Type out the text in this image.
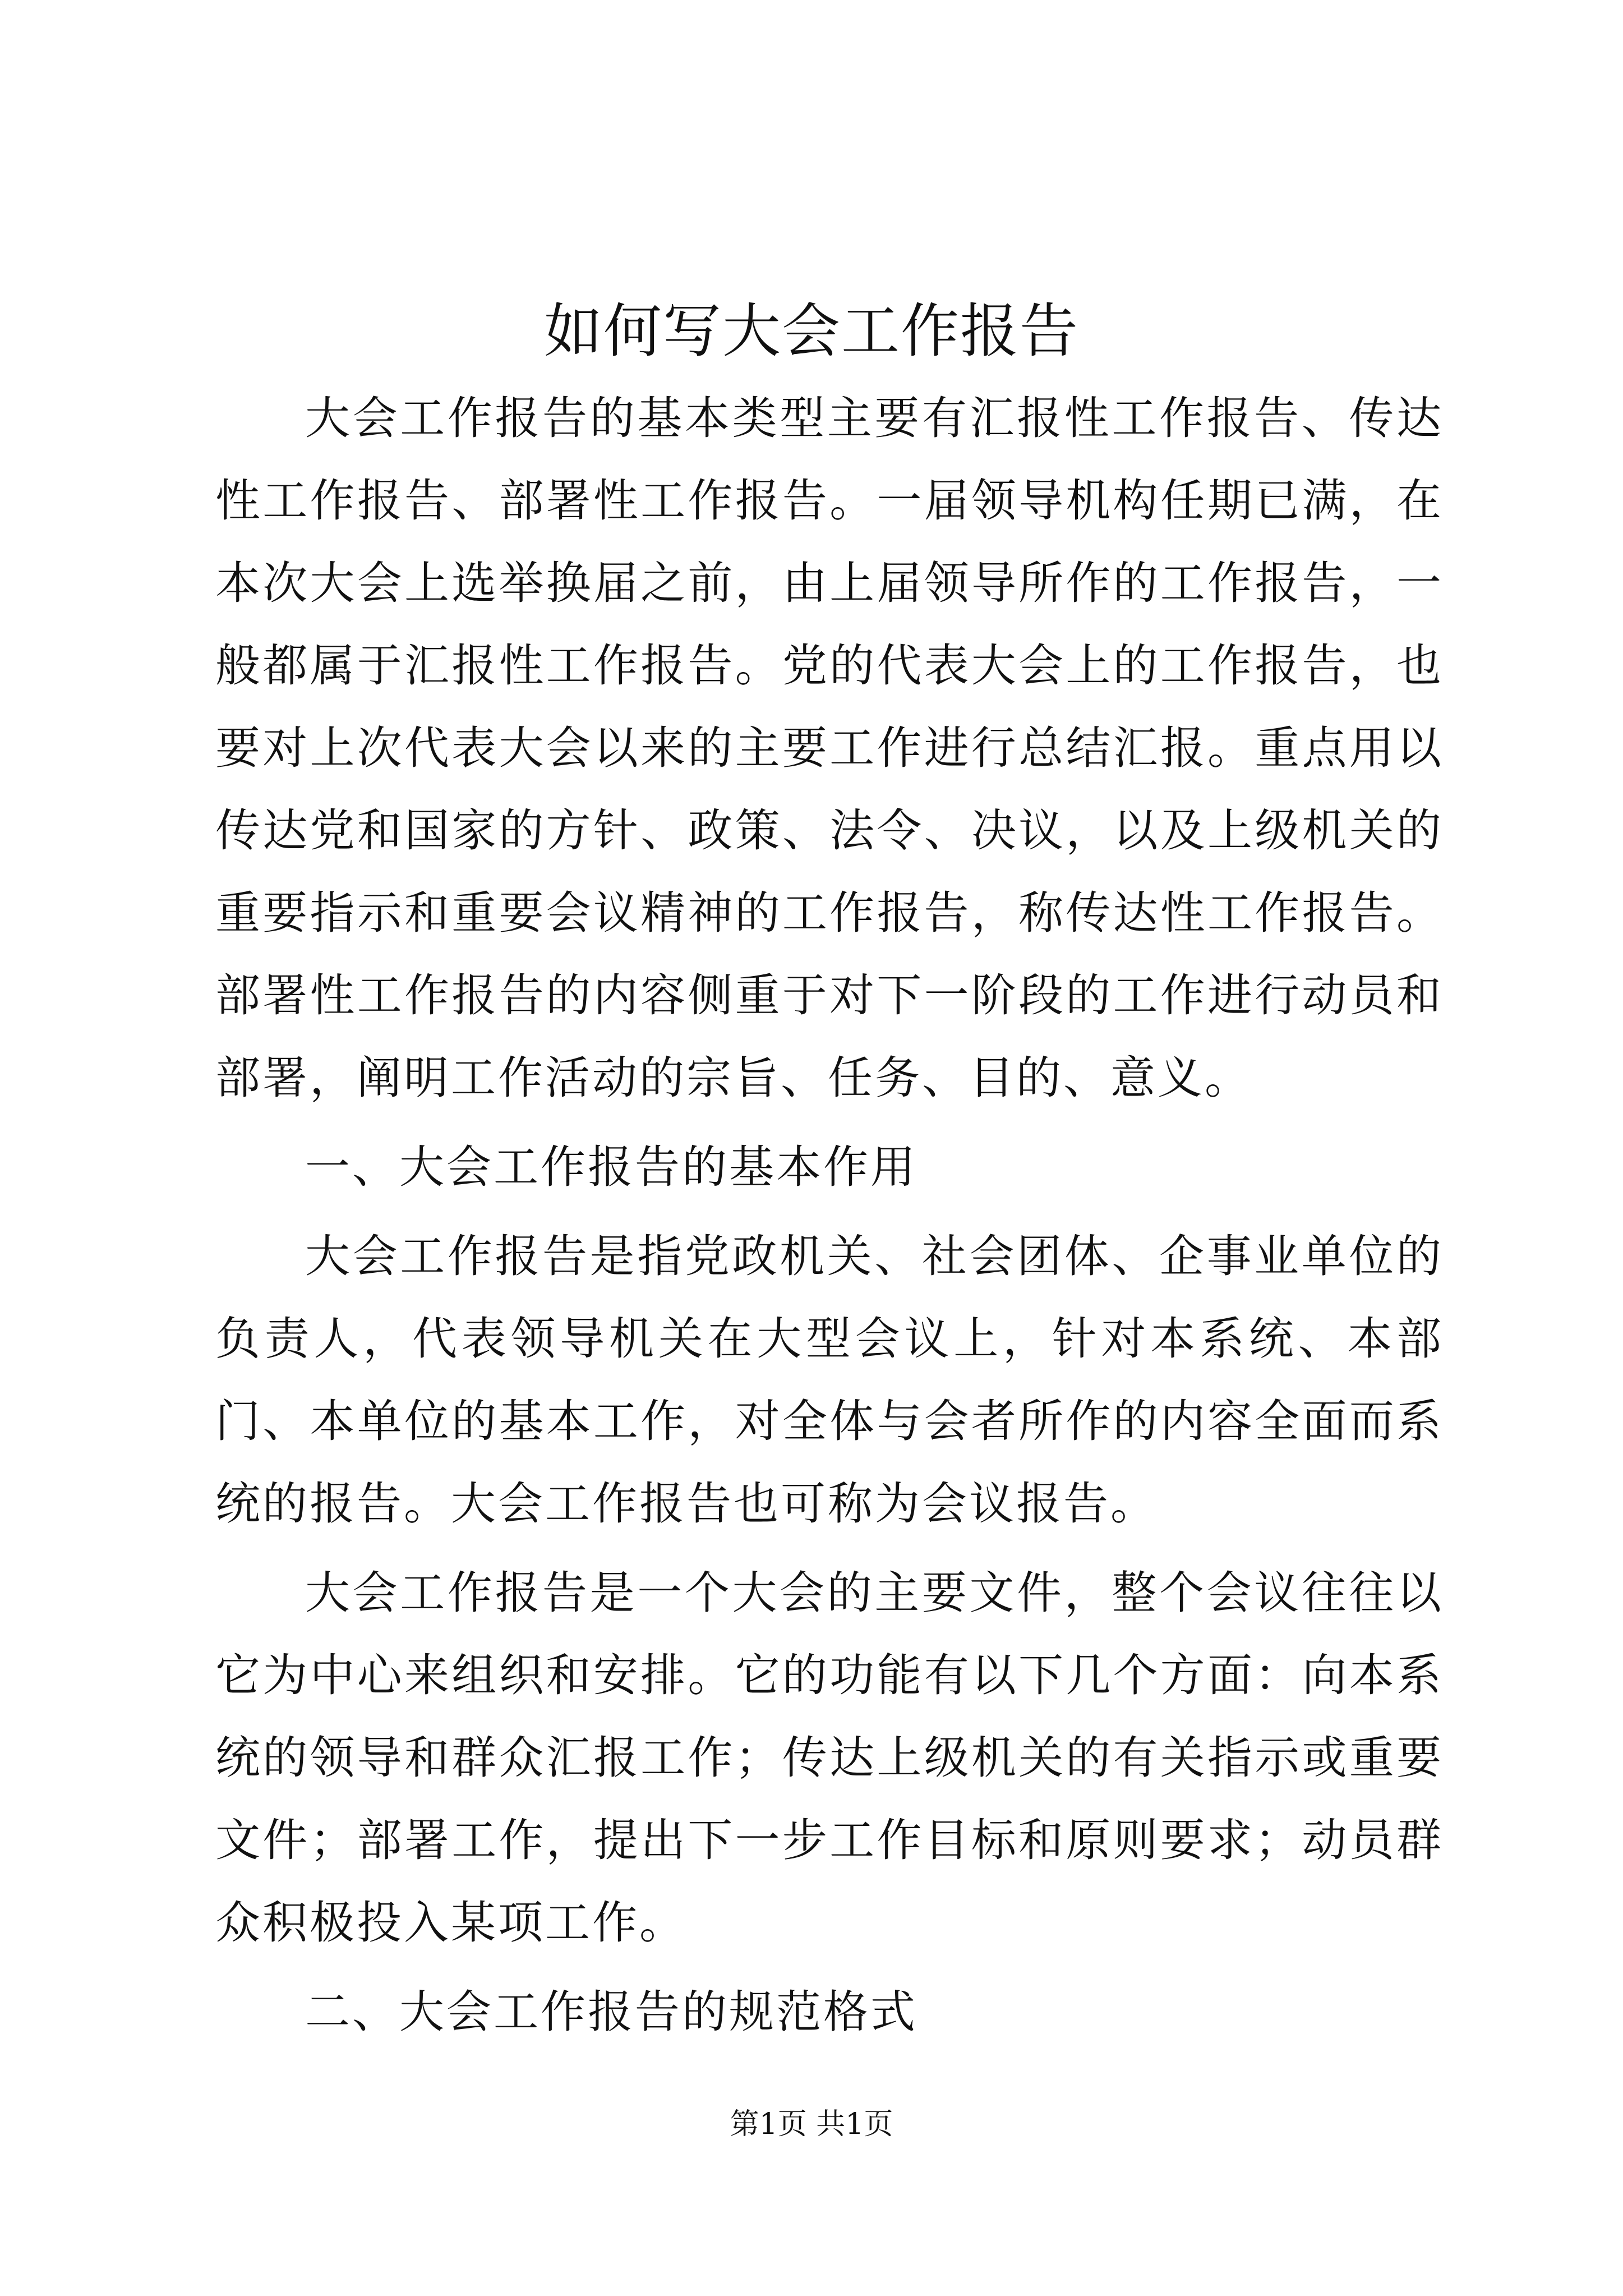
如何写大会工作报告

大会工作报告的基本类型主要有汇报性工作报告、传达性工作报告、部署性工作报告。一届领导机构任期已满，在本次大会上选举换届之前，由上届领导所作的工作报告，一般都属于汇报性工作报告。党的代表大会上的工作报告，也要对上次代表大会以来的主要工作进行总结汇报。重点用以传达党和国家的方针、政策、法令、决议，以及上级机关的重要指示和重要会议精神的工作报告，称传达性工作报告。部署性工作报告的内容侧重于对下一阶段的工作进行动员和部署，阐明工作活动的宗旨、任务、目的、意义。

一、大会工作报告的基本作用

大会工作报告是指党政机关、社会团体、企事业单位的负责人，代表领导机关在大型会议上，针对本系统、本部门、本单位的基本工作，对全体与会者所作的内容全面而系统的报告。大会工作报告也可称为会议报告。

大会工作报告是一个大会的主要文件，整个会议往往以它为中心来组织和安排。它的功能有以下几个方面：向本系统的领导和群众汇报工作；传达上级机关的有关指示或重要文件；部署工作，提出下一步工作目标和原则要求；动员群众积极投入某项工作。

二、大会工作报告的规范格式

第1页 共1页
